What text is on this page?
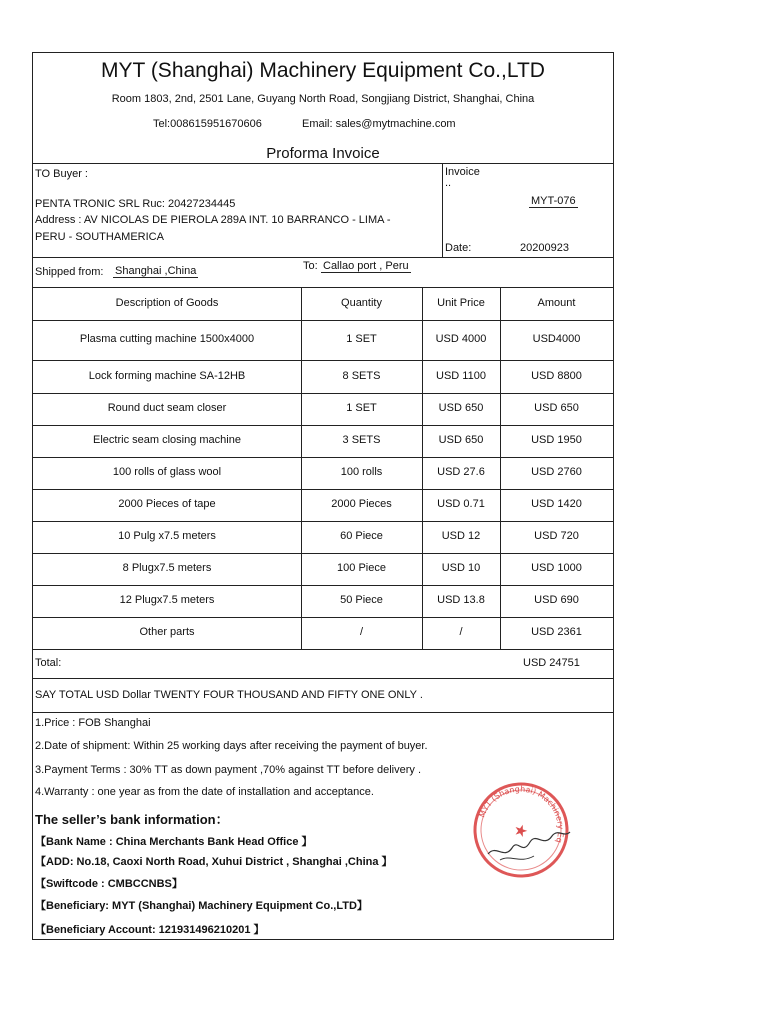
MYT (Shanghai) Machinery Equipment Co.,LTD
Room 1803, 2nd, 2501 Lane, Guyang North Road, Songjiang District, Shanghai, China
Tel:008615951670606	Email: sales@mytmachine.com
Proforma Invoice
TO Buyer :
PENTA TRONIC SRL Ruc: 20427234445
Address : AV NICOLAS DE PIEROLA 289A INT. 10 BARRANCO - LIMA -
PERU - SOUTHAMERICA
Invoice
..
MYT-076
Date:	20200923
Shipped from: Shanghai ,China	To: Callao port , Peru
Total:	USD 24751
SAY TOTAL USD Dollar TWENTY FOUR THOUSAND AND FIFTY ONE ONLY .
1.Price : FOB Shanghai
2.Date of shipment: Within 25 working days after receiving the payment of buyer.
3.Payment Terms : 30% TT as down payment ,70% against TT before delivery .
4.Warranty : one year as from the date of installation and acceptance.
The seller’s bank information：
【Bank Name : China Merchants Bank Head Office 】
【ADD: No.18, Caoxi North Road, Xuhui District , Shanghai ,China 】
【Swiftcode : CMBCCNBS】
【Beneficiary: MYT (Shanghai) Machinery Equipment Co.,LTD】
【Beneficiary Account: 121931496210201 】
Description of Goods	Quantity	Unit Price	Amount
Plasma cutting machine 1500x4000	1 SET	USD 4000	USD4000
Lock forming machine SA-12HB	8 SETS	USD 1100	USD 8800
Round duct seam closer	1 SET	USD 650	USD 650
Electric seam closing machine	3 SETS	USD 650	USD 1950
100 rolls of glass wool	100 rolls	USD 27.6	USD 2760
2000 Pieces of tape	2000 Pieces	USD 0.71	USD 1420
10 Pulg x7.5 meters	60 Piece	USD 12	USD 720
8 Plugx7.5 meters	100 Piece	USD 10	USD 1000
12 Plugx7.5 meters	50 Piece	USD 13.8	USD 690
Other parts	/	/	USD 2361
MYT (Shanghai) Machinery Equipment
★
